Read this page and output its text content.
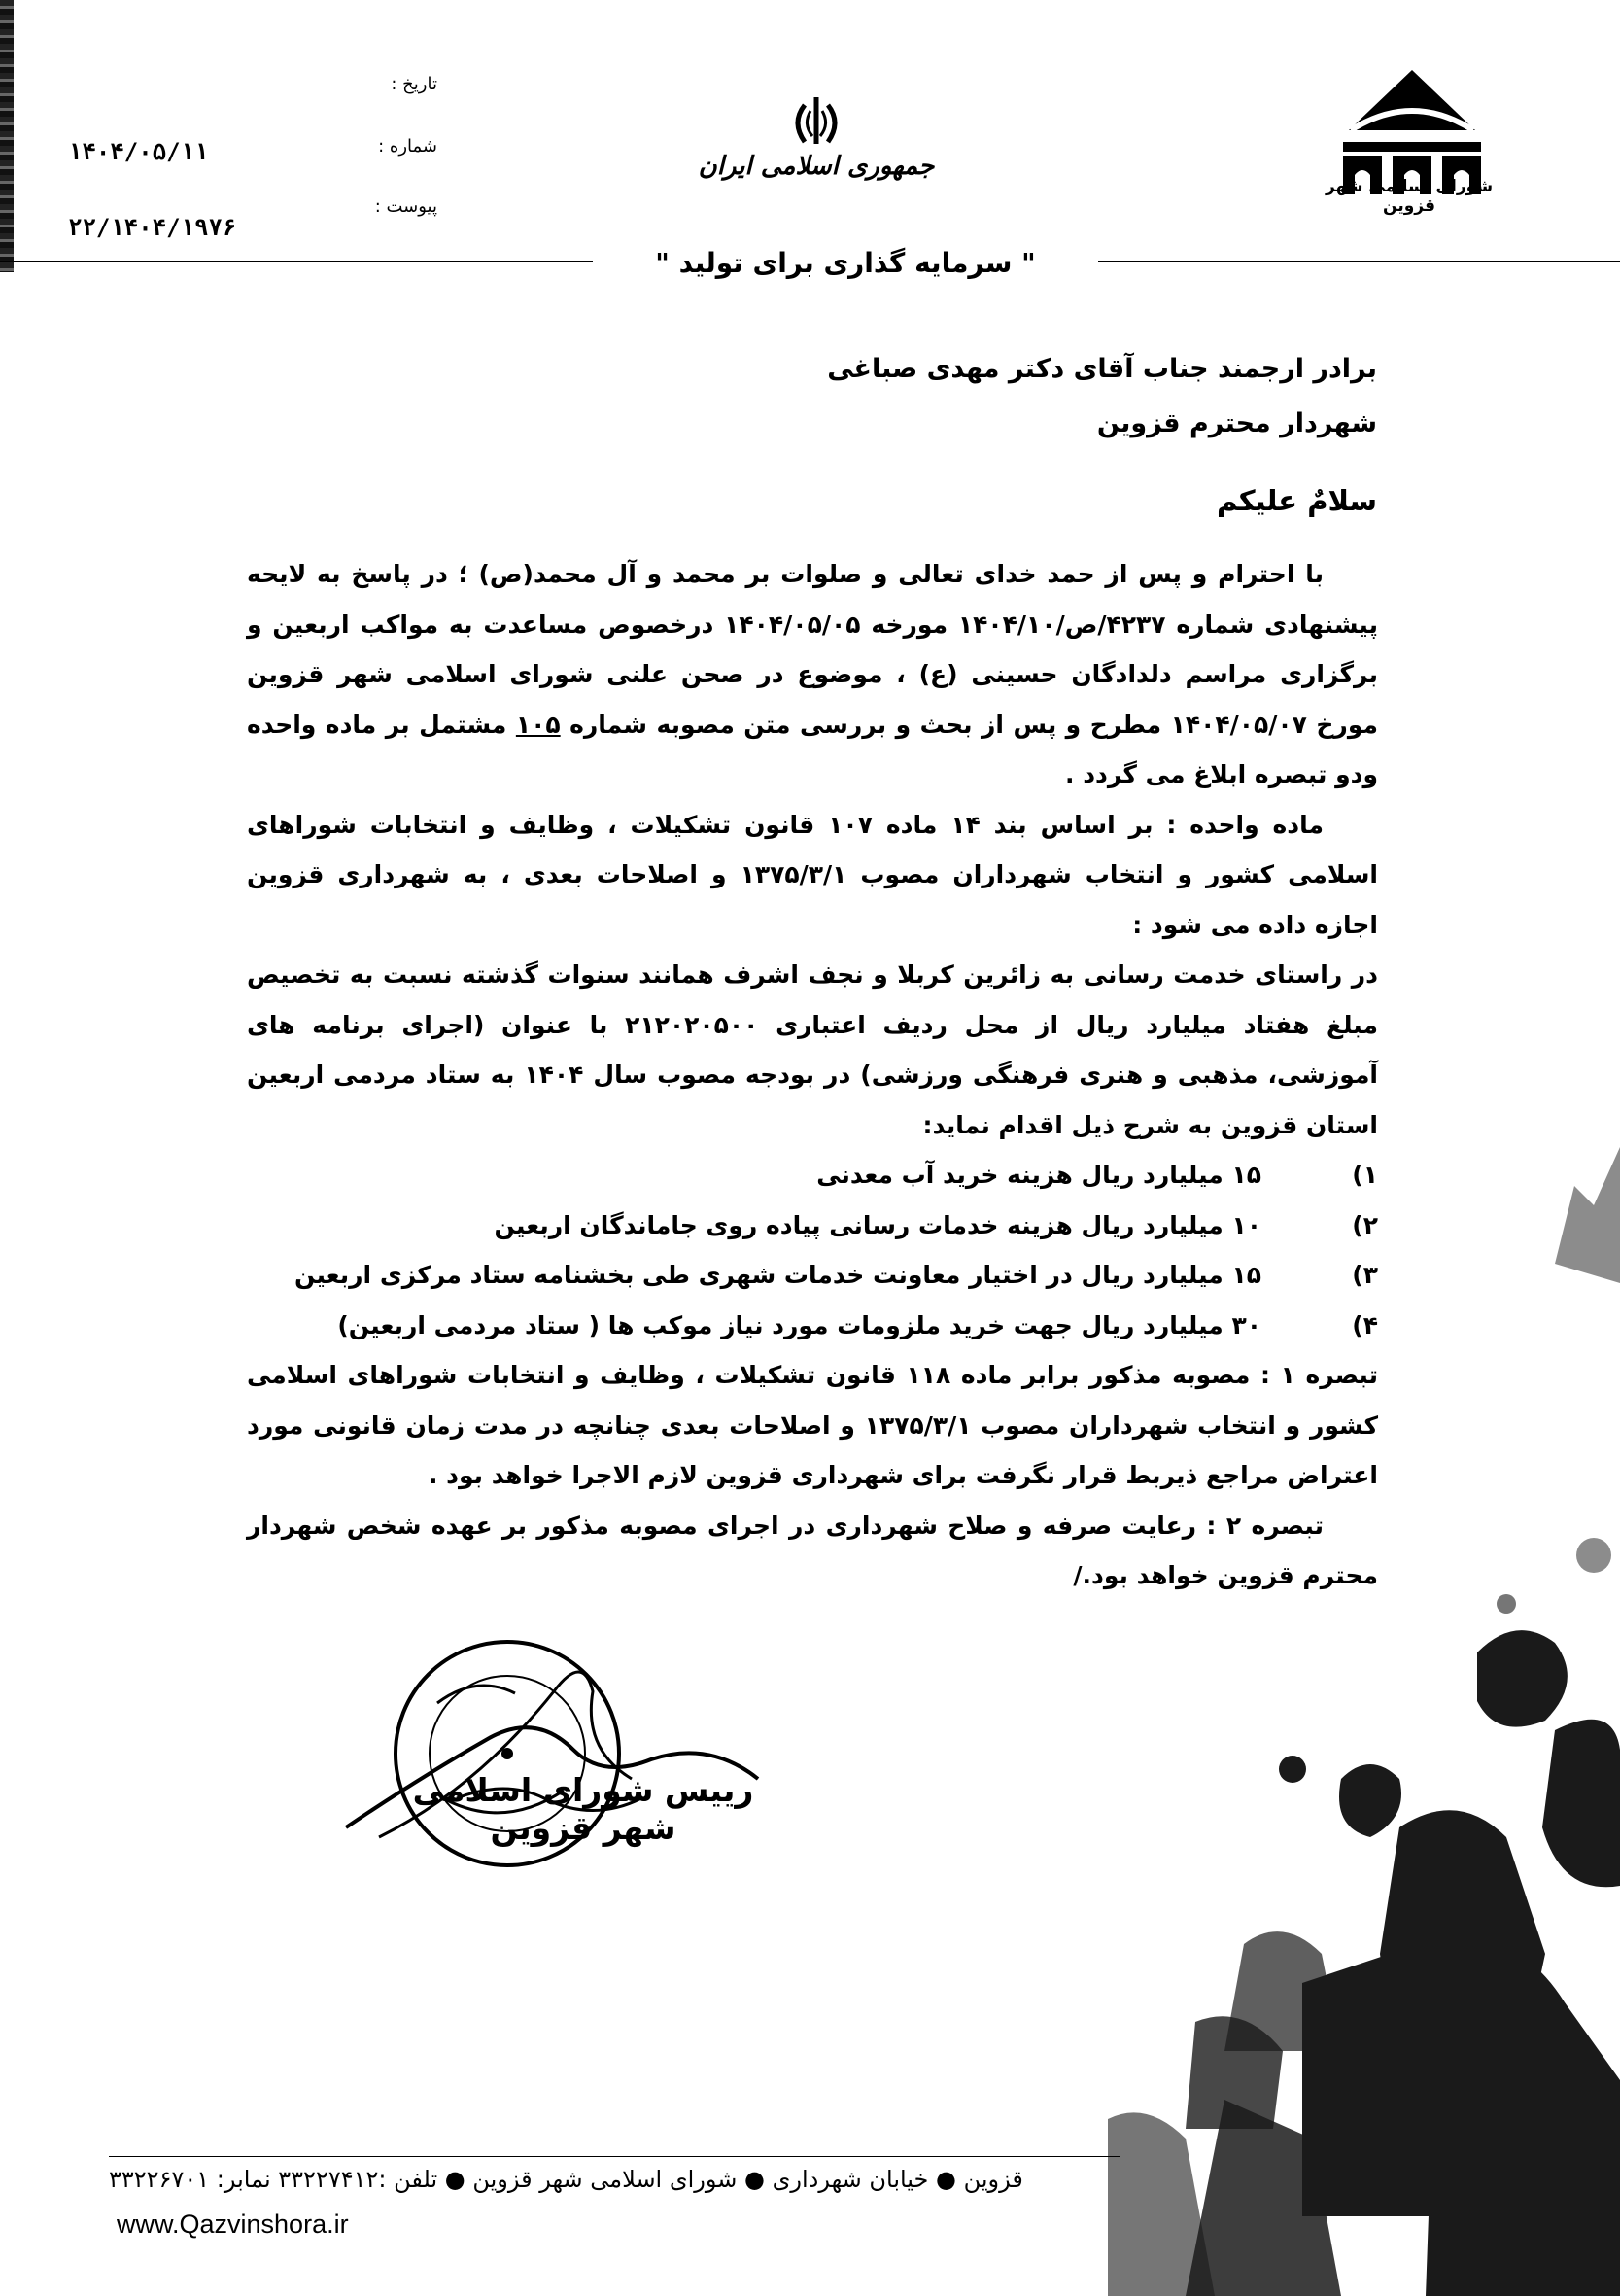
شورای اسلامی شهر قزوین
جمهوری اسلامی ایران
تاریخ :
شماره :
پیوست :
۱۴۰۴/۰۵/۱۱
۲۲/۱۴۰۴/۱۹۷۶
" سرمایه گذاری برای تولید "
برادر ارجمند جناب آقای دکتر مهدی صباغی
شهردار محترم قزوین
سلامٌ علیکم

با احترام و پس از حمد خدای تعالی و صلوات بر محمد و آل محمد(ص) ؛ در پاسخ به لایحه پیشنهادی شماره ۴۲۳۷/ص/۱۴۰۴/۱۰ مورخه ۱۴۰۴/۰۵/۰۵ درخصوص مساعدت به مواکب اربعین و برگزاری مراسم دلدادگان حسینی (ع) ، موضوع در صحن علنی شورای اسلامی شهر قزوین مورخ ۱۴۰۴/۰۵/۰۷ مطرح و پس از بحث و بررسی متن مصوبه شماره ۱۰۵ مشتمل بر ماده واحده ودو تبصره ابلاغ می گردد .

ماده واحده : بر اساس بند ۱۴ ماده ۱۰۷ قانون تشکیلات ، وظایف و انتخابات شوراهای اسلامی کشور و انتخاب شهرداران مصوب ۱۳۷۵/۳/۱ و اصلاحات بعدی ، به شهرداری قزوین اجازه داده می شود :

در راستای خدمت رسانی به زائرین کربلا و نجف اشرف همانند سنوات گذشته نسبت به تخصیص مبلغ هفتاد میلیارد ریال از محل ردیف اعتباری ۲۱۲۰۲۰۵۰۰ با عنوان (اجرای برنامه های آموزشی، مذهبی و هنری فرهنگی ورزشی) در بودجه مصوب سال ۱۴۰۴ به ستاد مردمی اربعین استان قزوین به شرح ذیل اقدام نماید:

۱)
۱۵ میلیارد ریال هزینه خرید آب معدنی
۲)
۱۰ میلیارد ریال هزینه خدمات رسانی پیاده روی جاماندگان اربعین
۳)
۱۵ میلیارد ریال در اختیار معاونت خدمات شهری طی بخشنامه ستاد مرکزی اربعین
۴)
۳۰ میلیارد ریال جهت خرید ملزومات مورد نیاز موکب ها ( ستاد مردمی اربعین)

تبصره ۱ : مصوبه مذکور برابر ماده ۱۱۸ قانون تشکیلات ، وظایف و انتخابات شوراهای اسلامی کشور و انتخاب شهرداران مصوب ۱۳۷۵/۳/۱ و اصلاحات بعدی چنانچه در مدت زمان قانونی مورد اعتراض مراجع ذیربط قرار نگرفت برای شهرداری قزوین لازم الاجرا خواهد بود .

تبصره ۲ : رعایت صرفه و صلاح شهرداری در اجرای مصوبه مذکور بر عهده شخص شهردار محترم قزوین خواهد بود./

رییس شورای اسلامی شهر قزوین
قزوین ● خیابان شهرداری ● شورای اسلامی شهر قزوین ● تلفن :۳۳۲۲۷۴۱۲ نمابر: ۳۳۲۲۶۷۰۱
www.Qazvinshora.ir
